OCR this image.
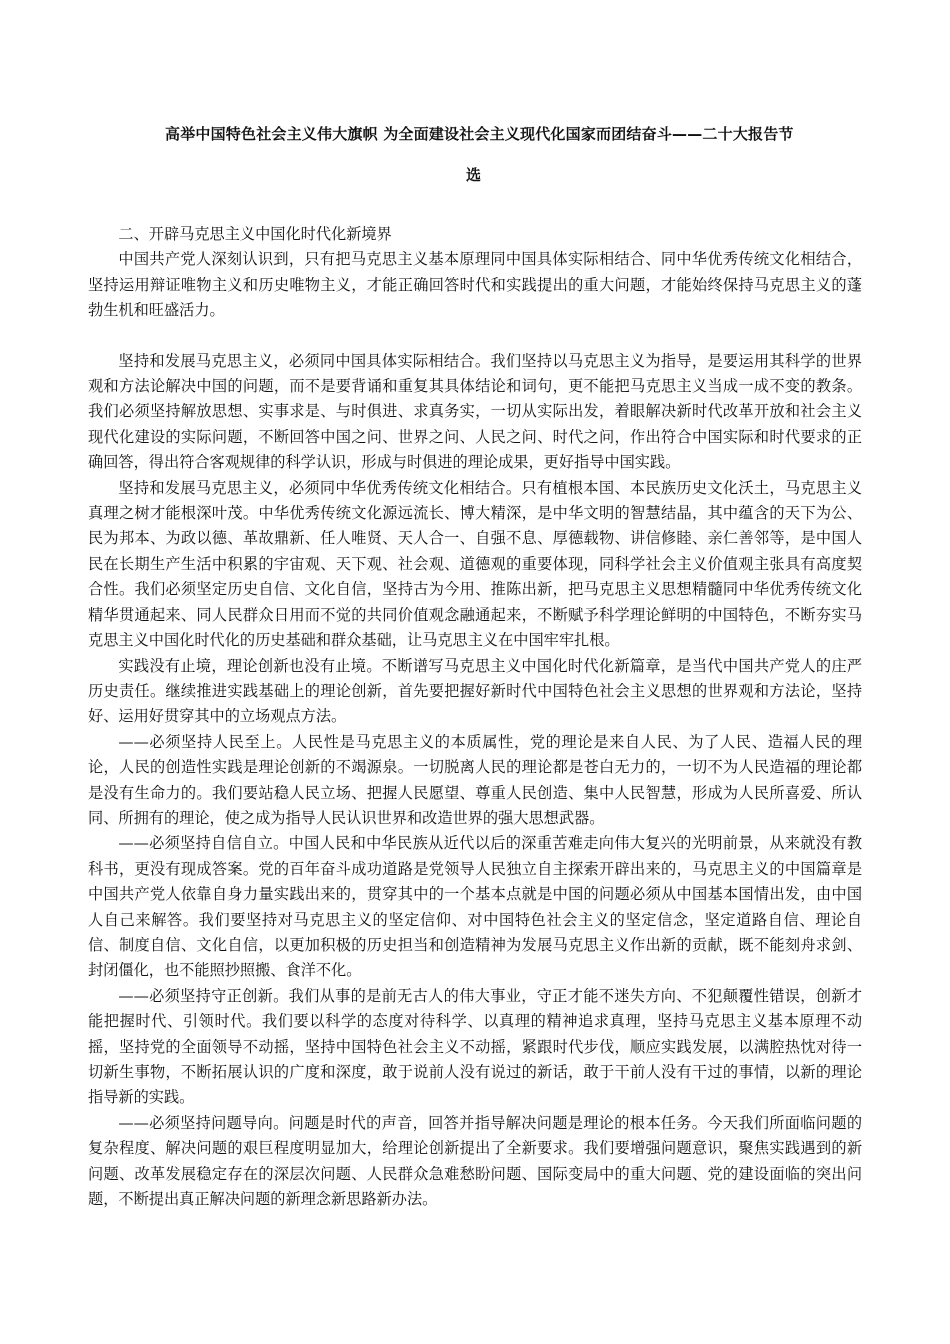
高举中国特色社会主义伟大旗帜 为全面建设社会主义现代化国家而团结奋斗——二十大报告节
选

二、开辟马克思主义中国化时代化新境界

中国共产党人深刻认识到，只有把马克思主义基本原理同中国具体实际相结合、同中华优秀传统文化相结合，坚持运用辩证唯物主义和历史唯物主义，才能正确回答时代和实践提出的重大问题，才能始终保持马克思主义的蓬勃生机和旺盛活力。

坚持和发展马克思主义，必须同中国具体实际相结合。我们坚持以马克思主义为指导，是要运用其科学的世界观和方法论解决中国的问题，而不是要背诵和重复其具体结论和词句，更不能把马克思主义当成一成不变的教条。我们必须坚持解放思想、实事求是、与时俱进、求真务实，一切从实际出发，着眼解决新时代改革开放和社会主义现代化建设的实际问题，不断回答中国之问、世界之问、人民之问、时代之问，作出符合中国实际和时代要求的正确回答，得出符合客观规律的科学认识，形成与时俱进的理论成果，更好指导中国实践。

坚持和发展马克思主义，必须同中华优秀传统文化相结合。只有植根本国、本民族历史文化沃土，马克思主义真理之树才能根深叶茂。中华优秀传统文化源远流长、博大精深，是中华文明的智慧结晶，其中蕴含的天下为公、民为邦本、为政以德、革故鼎新、任人唯贤、天人合一、自强不息、厚德载物、讲信修睦、亲仁善邻等，是中国人民在长期生产生活中积累的宇宙观、天下观、社会观、道德观的重要体现，同科学社会主义价值观主张具有高度契合性。我们必须坚定历史自信、文化自信，坚持古为今用、推陈出新，把马克思主义思想精髓同中华优秀传统文化精华贯通起来、同人民群众日用而不觉的共同价值观念融通起来，不断赋予科学理论鲜明的中国特色，不断夯实马克思主义中国化时代化的历史基础和群众基础，让马克思主义在中国牢牢扎根。

实践没有止境，理论创新也没有止境。不断谱写马克思主义中国化时代化新篇章，是当代中国共产党人的庄严历史责任。继续推进实践基础上的理论创新，首先要把握好新时代中国特色社会主义思想的世界观和方法论，坚持好、运用好贯穿其中的立场观点方法。

——必须坚持人民至上。人民性是马克思主义的本质属性，党的理论是来自人民、为了人民、造福人民的理论，人民的创造性实践是理论创新的不竭源泉。一切脱离人民的理论都是苍白无力的，一切不为人民造福的理论都是没有生命力的。我们要站稳人民立场、把握人民愿望、尊重人民创造、集中人民智慧，形成为人民所喜爱、所认同、所拥有的理论，使之成为指导人民认识世界和改造世界的强大思想武器。

——必须坚持自信自立。中国人民和中华民族从近代以后的深重苦难走向伟大复兴的光明前景，从来就没有教科书，更没有现成答案。党的百年奋斗成功道路是党领导人民独立自主探索开辟出来的，马克思主义的中国篇章是中国共产党人依靠自身力量实践出来的，贯穿其中的一个基本点就是中国的问题必须从中国基本国情出发，由中国人自己来解答。我们要坚持对马克思主义的坚定信仰、对中国特色社会主义的坚定信念，坚定道路自信、理论自信、制度自信、文化自信，以更加积极的历史担当和创造精神为发展马克思主义作出新的贡献，既不能刻舟求剑、封闭僵化，也不能照抄照搬、食洋不化。

——必须坚持守正创新。我们从事的是前无古人的伟大事业，守正才能不迷失方向、不犯颠覆性错误，创新才能把握时代、引领时代。我们要以科学的态度对待科学、以真理的精神追求真理，坚持马克思主义基本原理不动摇，坚持党的全面领导不动摇，坚持中国特色社会主义不动摇，紧跟时代步伐，顺应实践发展，以满腔热忱对待一切新生事物，不断拓展认识的广度和深度，敢于说前人没有说过的新话，敢于干前人没有干过的事情，以新的理论指导新的实践。

——必须坚持问题导向。问题是时代的声音，回答并指导解决问题是理论的根本任务。今天我们所面临问题的复杂程度、解决问题的艰巨程度明显加大，给理论创新提出了全新要求。我们要增强问题意识，聚焦实践遇到的新问题、改革发展稳定存在的深层次问题、人民群众急难愁盼问题、国际变局中的重大问题、党的建设面临的突出问题，不断提出真正解决问题的新理念新思路新办法。
